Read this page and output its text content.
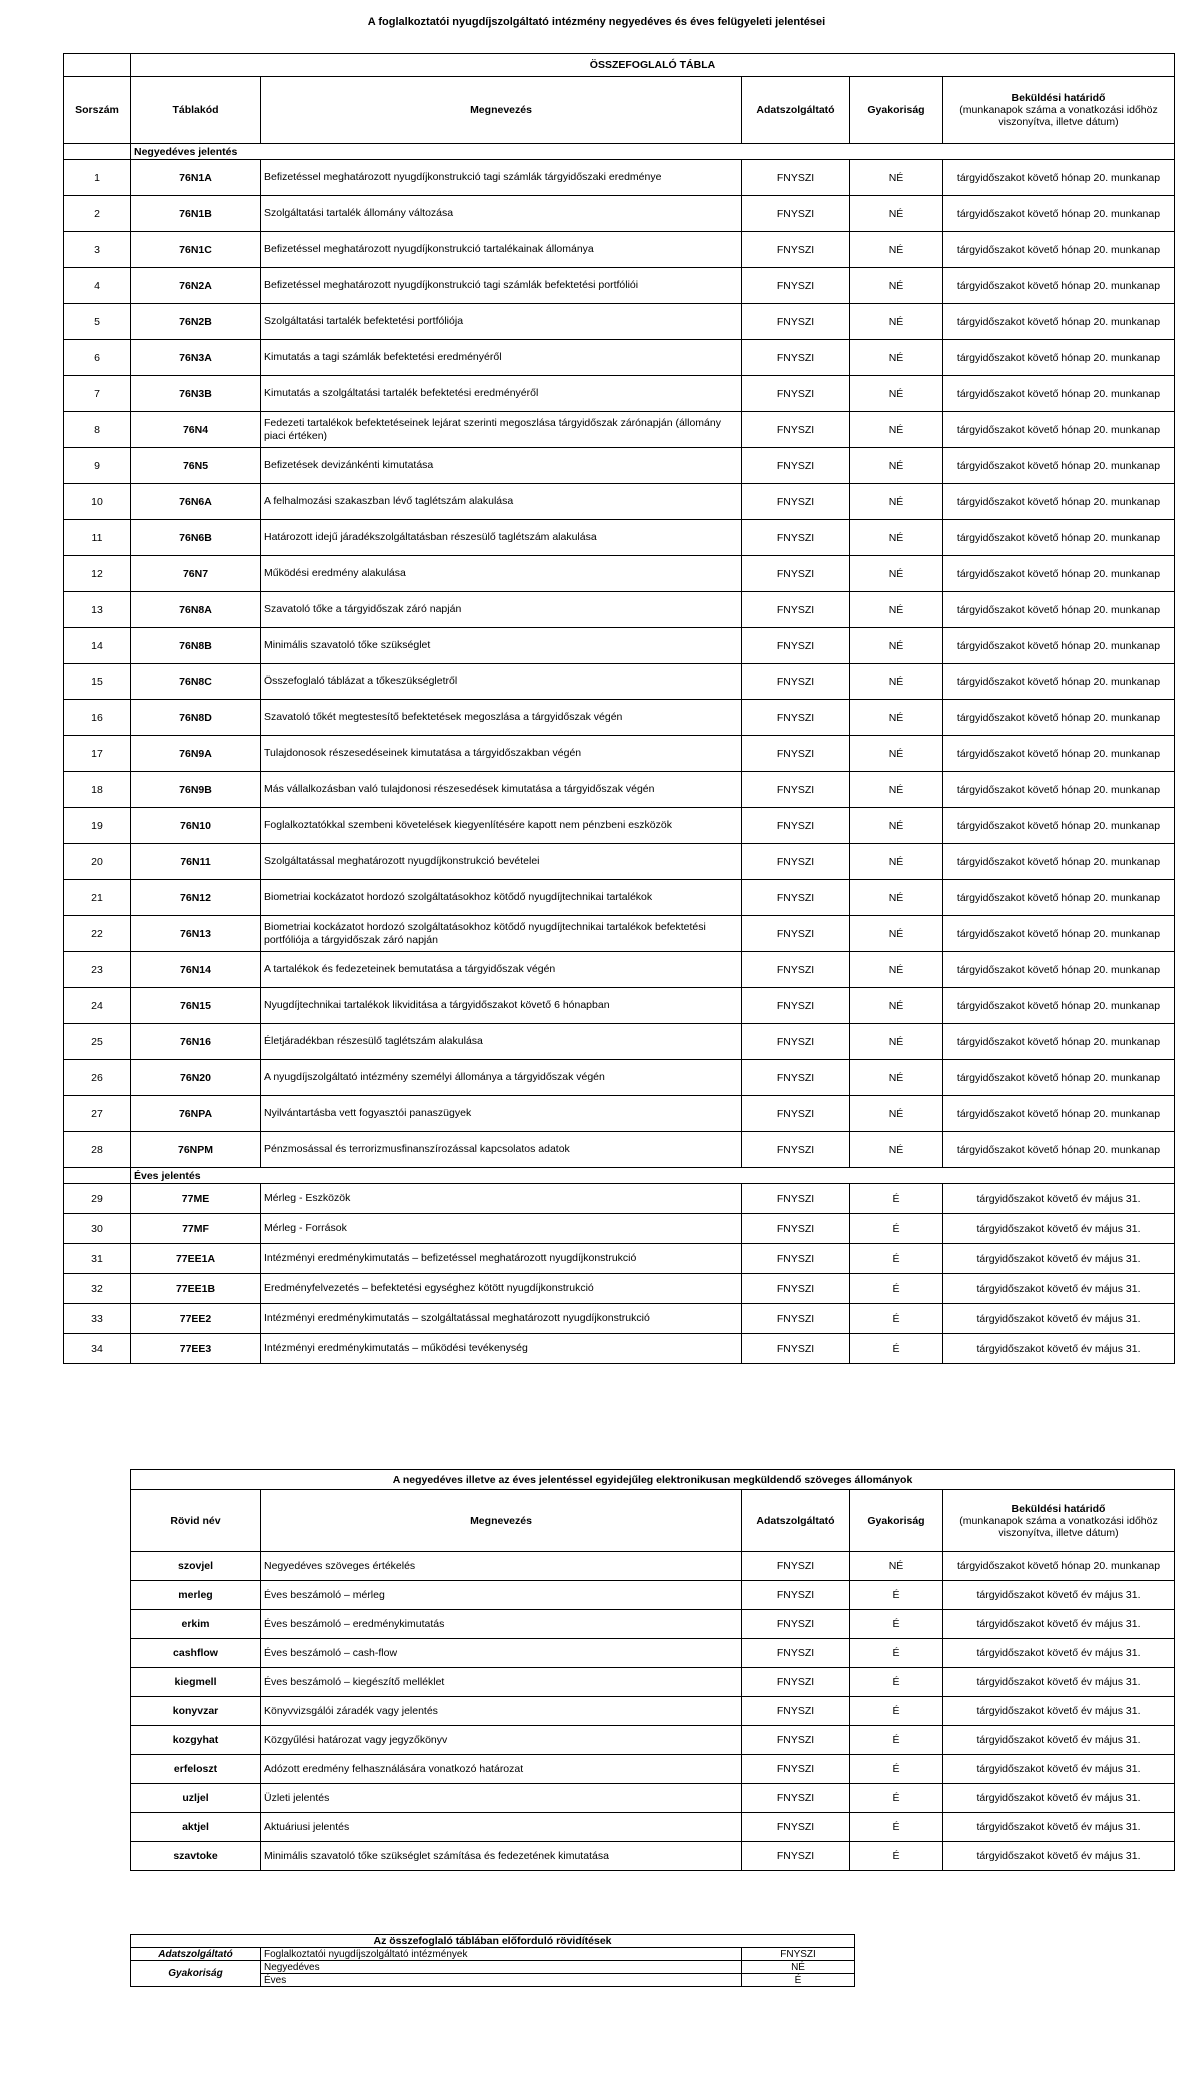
A foglalkoztatói nyugdíjszolgáltató intézmény negyedéves és éves felügyeleti jelentései
	ÖSSZEFOGLALÓ TÁBLA				
Sorszám	Táblakód	Megnevezés	Adatszolgáltató	Gyakoriság	Beküldési határidő
(munkanapok száma a vonatkozási időhöz viszonyítva, illetve dátum)

	Negyedéves jelentés				
1	76N1A	Befizetéssel meghatározott nyugdíjkonstrukció tagi számlák tárgyidőszaki eredménye	FNYSZI	NÉ	tárgyidőszakot követő hónap 20. munkanap
2	76N1B	Szolgáltatási tartalék állomány változása	FNYSZI	NÉ	tárgyidőszakot követő hónap 20. munkanap
3	76N1C	Befizetéssel meghatározott nyugdíjkonstrukció tartalékainak állománya	FNYSZI	NÉ	tárgyidőszakot követő hónap 20. munkanap
4	76N2A	Befizetéssel meghatározott nyugdíjkonstrukció tagi számlák befektetési portfóliói	FNYSZI	NÉ	tárgyidőszakot követő hónap 20. munkanap
5	76N2B	Szolgáltatási tartalék befektetési portfóliója	FNYSZI	NÉ	tárgyidőszakot követő hónap 20. munkanap
6	76N3A	Kimutatás a tagi számlák befektetési eredményéről	FNYSZI	NÉ	tárgyidőszakot követő hónap 20. munkanap
7	76N3B	Kimutatás a szolgáltatási tartalék befektetési eredményéről	FNYSZI	NÉ	tárgyidőszakot követő hónap 20. munkanap
8	76N4	Fedezeti tartalékok befektetéseinek lejárat szerinti megoszlása tárgyidőszak zárónapján (állomány piaci értéken)	FNYSZI	NÉ	tárgyidőszakot követő hónap 20. munkanap
9	76N5	Befizetések devizánkénti kimutatása	FNYSZI	NÉ	tárgyidőszakot követő hónap 20. munkanap
10	76N6A	A felhalmozási szakaszban lévő taglétszám alakulása	FNYSZI	NÉ	tárgyidőszakot követő hónap 20. munkanap
11	76N6B	Határozott idejű járadékszolgáltatásban részesülő taglétszám alakulása	FNYSZI	NÉ	tárgyidőszakot követő hónap 20. munkanap
12	76N7	Működési eredmény alakulása	FNYSZI	NÉ	tárgyidőszakot követő hónap 20. munkanap
13	76N8A	Szavatoló tőke a tárgyidőszak záró napján	FNYSZI	NÉ	tárgyidőszakot követő hónap 20. munkanap
14	76N8B	Minimális szavatoló tőke szükséglet	FNYSZI	NÉ	tárgyidőszakot követő hónap 20. munkanap
15	76N8C	Összefoglaló táblázat a tőkeszükségletről	FNYSZI	NÉ	tárgyidőszakot követő hónap 20. munkanap
16	76N8D	Szavatoló tőkét megtestesítő befektetések megoszlása a tárgyidőszak végén	FNYSZI	NÉ	tárgyidőszakot követő hónap 20. munkanap
17	76N9A	Tulajdonosok részesedéseinek kimutatása a tárgyidőszakban végén	FNYSZI	NÉ	tárgyidőszakot követő hónap 20. munkanap
18	76N9B	Más vállalkozásban való tulajdonosi részesedések kimutatása a tárgyidőszak végén	FNYSZI	NÉ	tárgyidőszakot követő hónap 20. munkanap
19	76N10	Foglalkoztatókkal szembeni követelések kiegyenlítésére kapott nem pénzbeni eszközök	FNYSZI	NÉ	tárgyidőszakot követő hónap 20. munkanap
20	76N11	Szolgáltatással meghatározott nyugdíjkonstrukció bevételei	FNYSZI	NÉ	tárgyidőszakot követő hónap 20. munkanap
21	76N12	Biometriai kockázatot hordozó szolgáltatásokhoz kötődő nyugdíjtechnikai tartalékok	FNYSZI	NÉ	tárgyidőszakot követő hónap 20. munkanap
22	76N13	Biometriai kockázatot hordozó szolgáltatásokhoz kötődő nyugdíjtechnikai tartalékok befektetési portfóliója a tárgyidőszak záró napján	FNYSZI	NÉ	tárgyidőszakot követő hónap 20. munkanap
23	76N14	A tartalékok és fedezeteinek bemutatása a tárgyidőszak végén	FNYSZI	NÉ	tárgyidőszakot követő hónap 20. munkanap
24	76N15	Nyugdíjtechnikai tartalékok likviditása a tárgyidőszakot követő 6 hónapban	FNYSZI	NÉ	tárgyidőszakot követő hónap 20. munkanap
25	76N16	Életjáradékban részesülő taglétszám alakulása	FNYSZI	NÉ	tárgyidőszakot követő hónap 20. munkanap
26	76N20	A nyugdíjszolgáltató intézmény személyi állománya a tárgyidőszak végén	FNYSZI	NÉ	tárgyidőszakot követő hónap 20. munkanap
27	76NPA	Nyilvántartásba vett fogyasztói panaszügyek	FNYSZI	NÉ	tárgyidőszakot követő hónap 20. munkanap
28	76NPM	Pénzmosással és terrorizmusfinanszírozással kapcsolatos adatok	FNYSZI	NÉ	tárgyidőszakot követő hónap 20. munkanap
	Éves jelentés				
29	77ME	Mérleg - Eszközök	FNYSZI	É	tárgyidőszakot követő év május 31.
30	77MF	Mérleg - Források	FNYSZI	É	tárgyidőszakot követő év május 31.
31	77EE1A	Intézményi eredménykimutatás – befizetéssel meghatározott nyugdíjkonstrukció	FNYSZI	É	tárgyidőszakot követő év május 31.
32	77EE1B	Eredményfelvezetés – befektetési egységhez kötött nyugdíjkonstrukció	FNYSZI	É	tárgyidőszakot követő év május 31.
33	77EE2	Intézményi eredménykimutatás – szolgáltatással meghatározott nyugdíjkonstrukció	FNYSZI	É	tárgyidőszakot követő év május 31.
34	77EE3	Intézményi eredménykimutatás – működési tevékenység	FNYSZI	É	tárgyidőszakot követő év május 31.
A negyedéves illetve az éves jelentéssel egyidejűleg elektronikusan megküldendő szöveges állományok				
Rövid név	Megnevezés	Adatszolgáltató	Gyakoriság	Beküldési határidő
(munkanapok száma a vonatkozási időhöz viszonyítva, illetve dátum)

szovjel	Negyedéves szöveges értékelés	FNYSZI	NÉ	tárgyidőszakot követő hónap 20. munkanap
merleg	Éves beszámoló – mérleg	FNYSZI	É	tárgyidőszakot követő év május 31.
erkim	Éves beszámoló – eredménykimutatás	FNYSZI	É	tárgyidőszakot követő év május 31.
cashflow	Éves beszámoló – cash-flow	FNYSZI	É	tárgyidőszakot követő év május 31.
kiegmell	Éves beszámoló – kiegészítő melléklet	FNYSZI	É	tárgyidőszakot követő év május 31.
konyvzar	Könyvvizsgálói záradék vagy jelentés	FNYSZI	É	tárgyidőszakot követő év május 31.
kozgyhat	Közgyűlési határozat vagy jegyzőkönyv	FNYSZI	É	tárgyidőszakot követő év május 31.
erfeloszt	Adózott eredmény felhasználására vonatkozó határozat	FNYSZI	É	tárgyidőszakot követő év május 31.
uzljel	Üzleti jelentés	FNYSZI	É	tárgyidőszakot követő év május 31.
aktjel	Aktuáriusi jelentés	FNYSZI	É	tárgyidőszakot követő év május 31.
szavtoke	Minimális szavatoló tőke szükséglet számítása és fedezetének kimutatása	FNYSZI	É	tárgyidőszakot követő év május 31.
Az összefoglaló táblában előforduló rövidítések		
Adatszolgáltató	Foglalkoztatói nyugdíjszolgáltató intézmények	FNYSZI
Gyakoriság	Negyedéves	NÉ
	Éves	É
